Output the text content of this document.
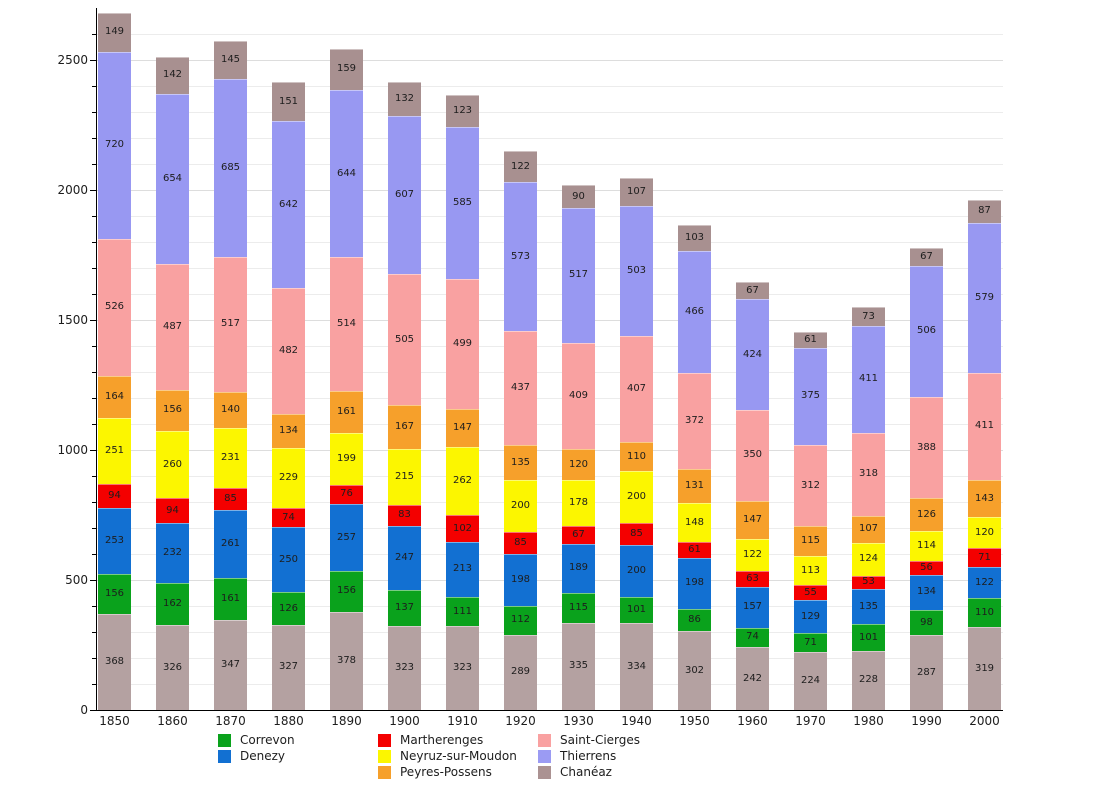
0
500
1000
1500
2000
2500
368
156
253
94
251
164
526
720
149
1850
326
162
232
94
260
156
487
654
142
1860
347
161
261
85
231
140
517
685
145
1870
327
126
250
74
229
134
482
642
151
1880
378
156
257
76
199
161
514
644
159
1890
323
137
247
83
215
167
505
607
132
1900
323
111
213
102
262
147
499
585
123
1910
289
112
198
85
200
135
437
573
122
1920
335
115
189
67
178
120
409
517
90
1930
334
101
200
85
200
110
407
503
107
1940
302
86
198
61
148
131
372
466
103
1950
242
74
157
63
122
147
350
424
67
1960
224
71
129
55
113
115
312
375
61
1970
228
101
135
53
124
107
318
411
73
1980
287
98
134
56
114
126
388
506
67
1990
319
110
122
71
120
143
411
579
87
2000
Correvon
Denezy
Martherenges
Neyruz-sur-Moudon
Peyres-Possens
Saint-Cierges
Thierrens
Chanéaz
